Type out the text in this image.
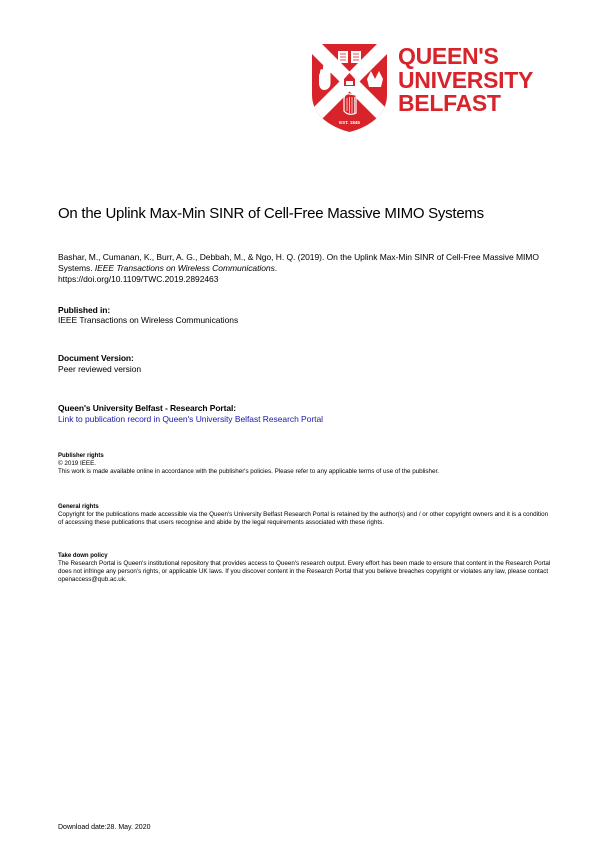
EST. 1845
QUEEN'S
UNIVERSITY
BELFAST
On the Uplink Max-Min SINR of Cell-Free Massive MIMO Systems
Bashar, M., Cumanan, K., Burr, A. G., Debbah, M., & Ngo, H. Q. (2019). On the Uplink Max-Min SINR of Cell-Free Massive MIMO Systems. IEEE Transactions on Wireless Communications.
https://doi.org/10.1109/TWC.2019.2892463
Published in:
IEEE Transactions on Wireless Communications
Document Version:
Peer reviewed version
Queen's University Belfast - Research Portal:
Link to publication record in Queen's University Belfast Research Portal
Publisher rights
© 2019 IEEE.
This work is made available online in accordance with the publisher's policies. Please refer to any applicable terms of use of the publisher.
General rights
Copyright for the publications made accessible via the Queen's University Belfast Research Portal is retained by the author(s) and / or other copyright owners and it is a condition of accessing these publications that users recognise and abide by the legal requirements associated with these rights.
Take down policy
The Research Portal is Queen's institutional repository that provides access to Queen's research output. Every effort has been made to ensure that content in the Research Portal does not infringe any person's rights, or applicable UK laws. If you discover content in the Research Portal that you believe breaches copyright or violates any law, please contact openaccess@qub.ac.uk.
Download date:28. May. 2020
